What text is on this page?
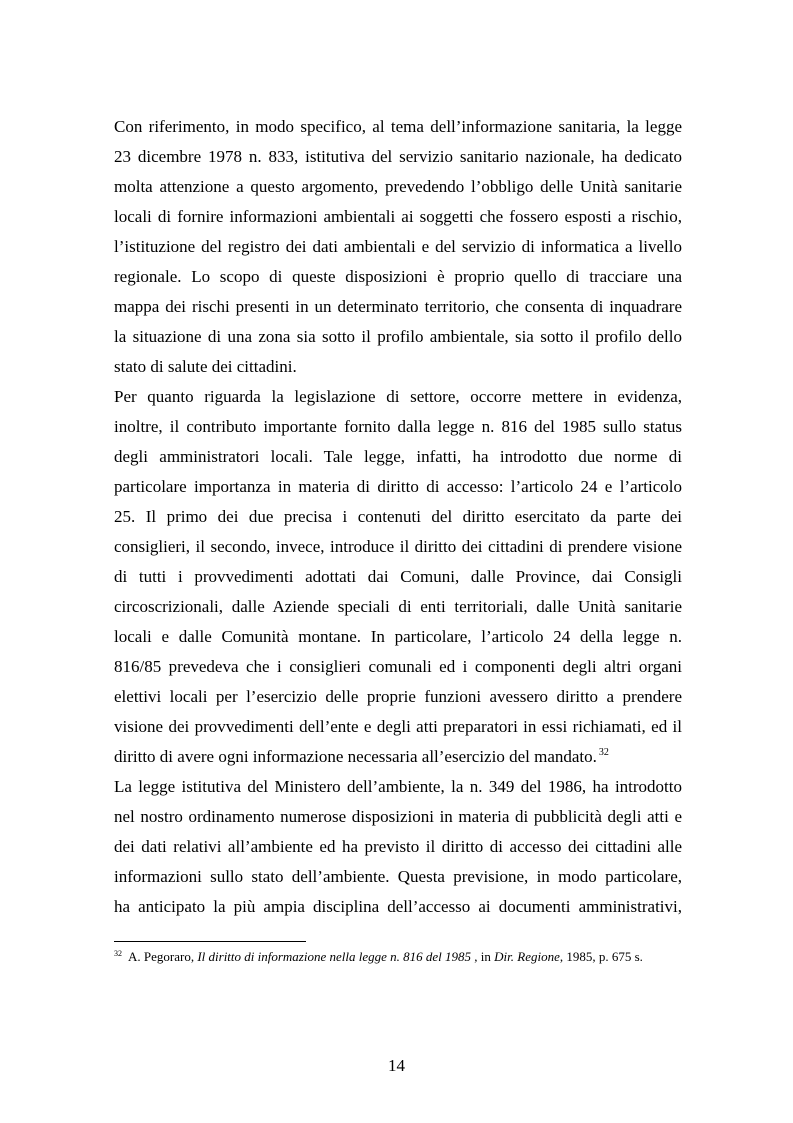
Con riferimento, in modo specifico, al tema dell’informazione sanitaria, la legge
23 dicembre 1978 n. 833, istitutiva del servizio sanitario nazionale, ha dedicato
molta attenzione a questo argomento, prevedendo l’obbligo delle Unità sanitarie
locali di fornire informazioni ambientali ai soggetti che fossero esposti a rischio,
l’istituzione del registro dei dati ambientali e del servizio di informatica a livello
regionale. Lo scopo di queste disposizioni è proprio quello di tracciare una
mappa dei rischi presenti in un determinato territorio, che consenta di inquadrare
la situazione di una zona sia sotto il profilo ambientale, sia sotto il profilo dello
stato di salute dei cittadini.
Per quanto riguarda la legislazione di settore, occorre mettere in evidenza,
inoltre, il contributo importante fornito dalla legge n. 816 del 1985 sullo status
degli amministratori locali. Tale legge, infatti, ha introdotto due norme di
particolare importanza in materia di diritto di accesso: l’articolo 24 e l’articolo
25. Il primo dei due precisa i contenuti del diritto esercitato da parte dei
consiglieri, il secondo, invece, introduce il diritto dei cittadini di prendere visione
di tutti i provvedimenti adottati dai Comuni, dalle Province, dai Consigli
circoscrizionali, dalle Aziende speciali di enti territoriali, dalle Unità sanitarie
locali e dalle Comunità montane. In particolare, l’articolo 24 della legge n.
816/85 prevedeva che i consiglieri comunali ed i componenti degli altri organi
elettivi locali per l’esercizio delle proprie funzioni avessero diritto a prendere
visione dei provvedimenti dell’ente e degli atti preparatori in essi richiamati, ed il
diritto di avere ogni informazione necessaria all’esercizio del mandato. $^{32}$
La legge istitutiva del Ministero dell’ambiente, la n. 349 del 1986, ha introdotto
nel nostro ordinamento numerose disposizioni in materia di pubblicità degli atti e
dei dati relativi all’ambiente ed ha previsto il diritto di accesso dei cittadini alle
informazioni sullo stato dell’ambiente. Questa previsione, in modo particolare,
ha anticipato la più ampia disciplina dell’accesso ai documenti amministrativi,
$^{32}$ A. Pegoraro, Il diritto di informazione nella legge n. 816 del 1985 , in Dir. Regione, 1985, p. 675 s.
14
